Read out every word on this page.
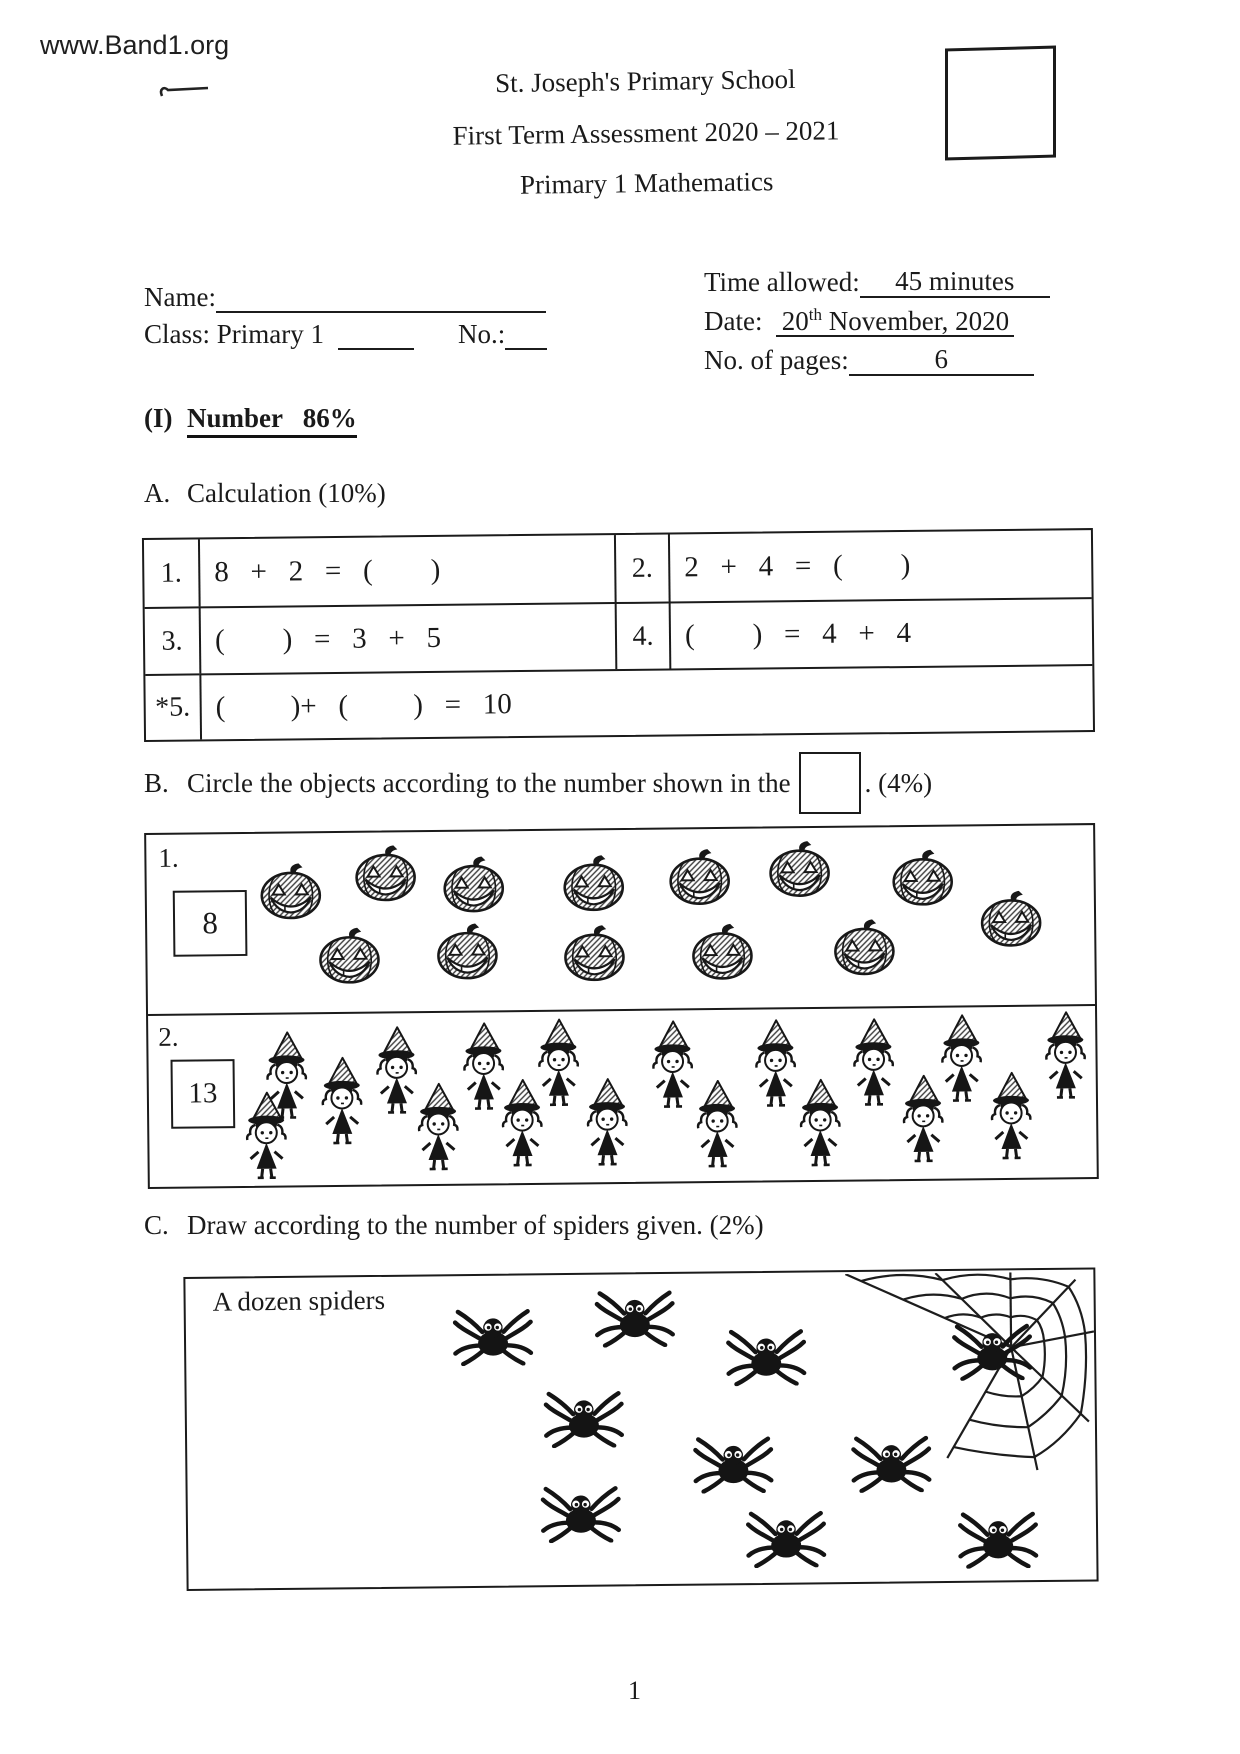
www.Band1.org
St. Joseph's Primary School
First Term Assessment 2020 – 2021
Primary 1 Mathematics
Name:
Class: Primary 1	No.:
Time allowed: 45 minutes
Date: 20th November, 2020
No. of pages:	6
(I) Number   86%
A. Calculation (10%)
1.	8   +   2   =   (        )	2.	2   +   4   =   (        )
3.	(        )   =   3   +   5	4.	(        )   =   4   +   4
*5. (         )+   (         )   =   10
B. Circle the objects according to the number shown in the	. (4%)
1.
8
2.
13
C. Draw according to the number of spiders given. (2%)
A dozen spiders
1
